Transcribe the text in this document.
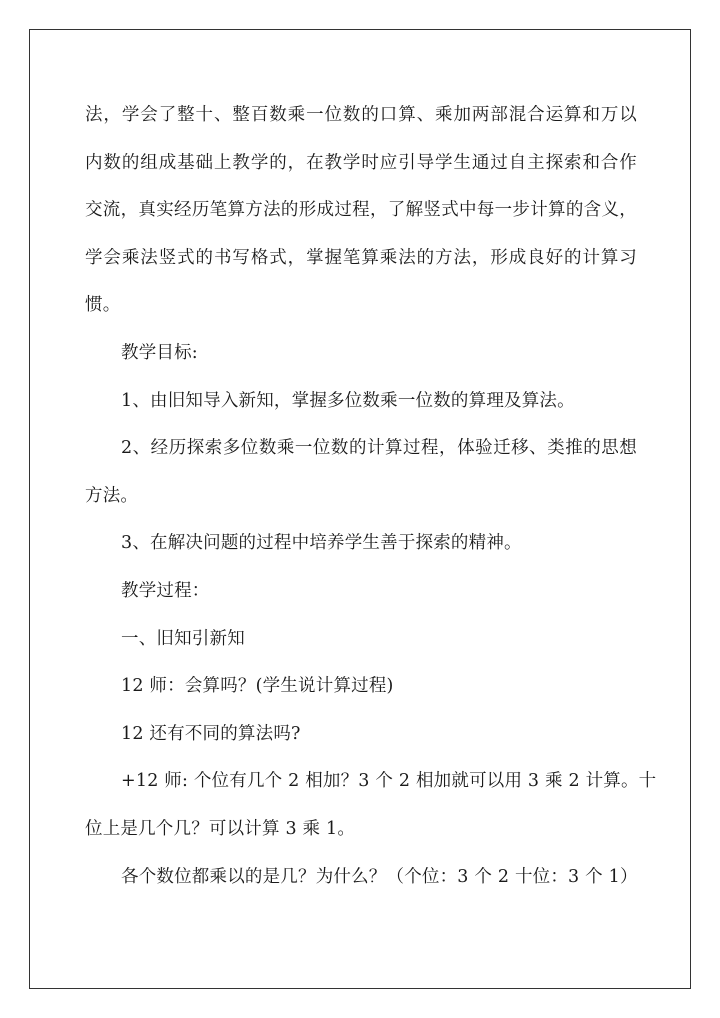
法，学会了整十、整百数乘一位数的口算、乘加两部混合运算和万以
内数的组成基础上教学的，在教学时应引导学生通过自主探索和合作
交流，真实经历笔算方法的形成过程，了解竖式中每一步计算的含义，
学会乘法竖式的书写格式，掌握笔算乘法的方法，形成良好的计算习
惯。
教学目标:
1、由旧知导入新知，掌握多位数乘一位数的算理及算法。
2、经历探索多位数乘一位数的计算过程，体验迁移、类推的思想
方法。
3、在解决问题的过程中培养学生善于探索的精神。
教学过程：
一、旧知引新知
12 师：会算吗？(学生说计算过程)
12 还有不同的算法吗?
+12 师: 个位有几个 2 相加？3 个 2 相加就可以用 3 乘 2 计算。十
位上是几个几？可以计算 3 乘 1。
各个数位都乘以的是几？为什么？（个位：3 个 2 十位：3 个 1）
